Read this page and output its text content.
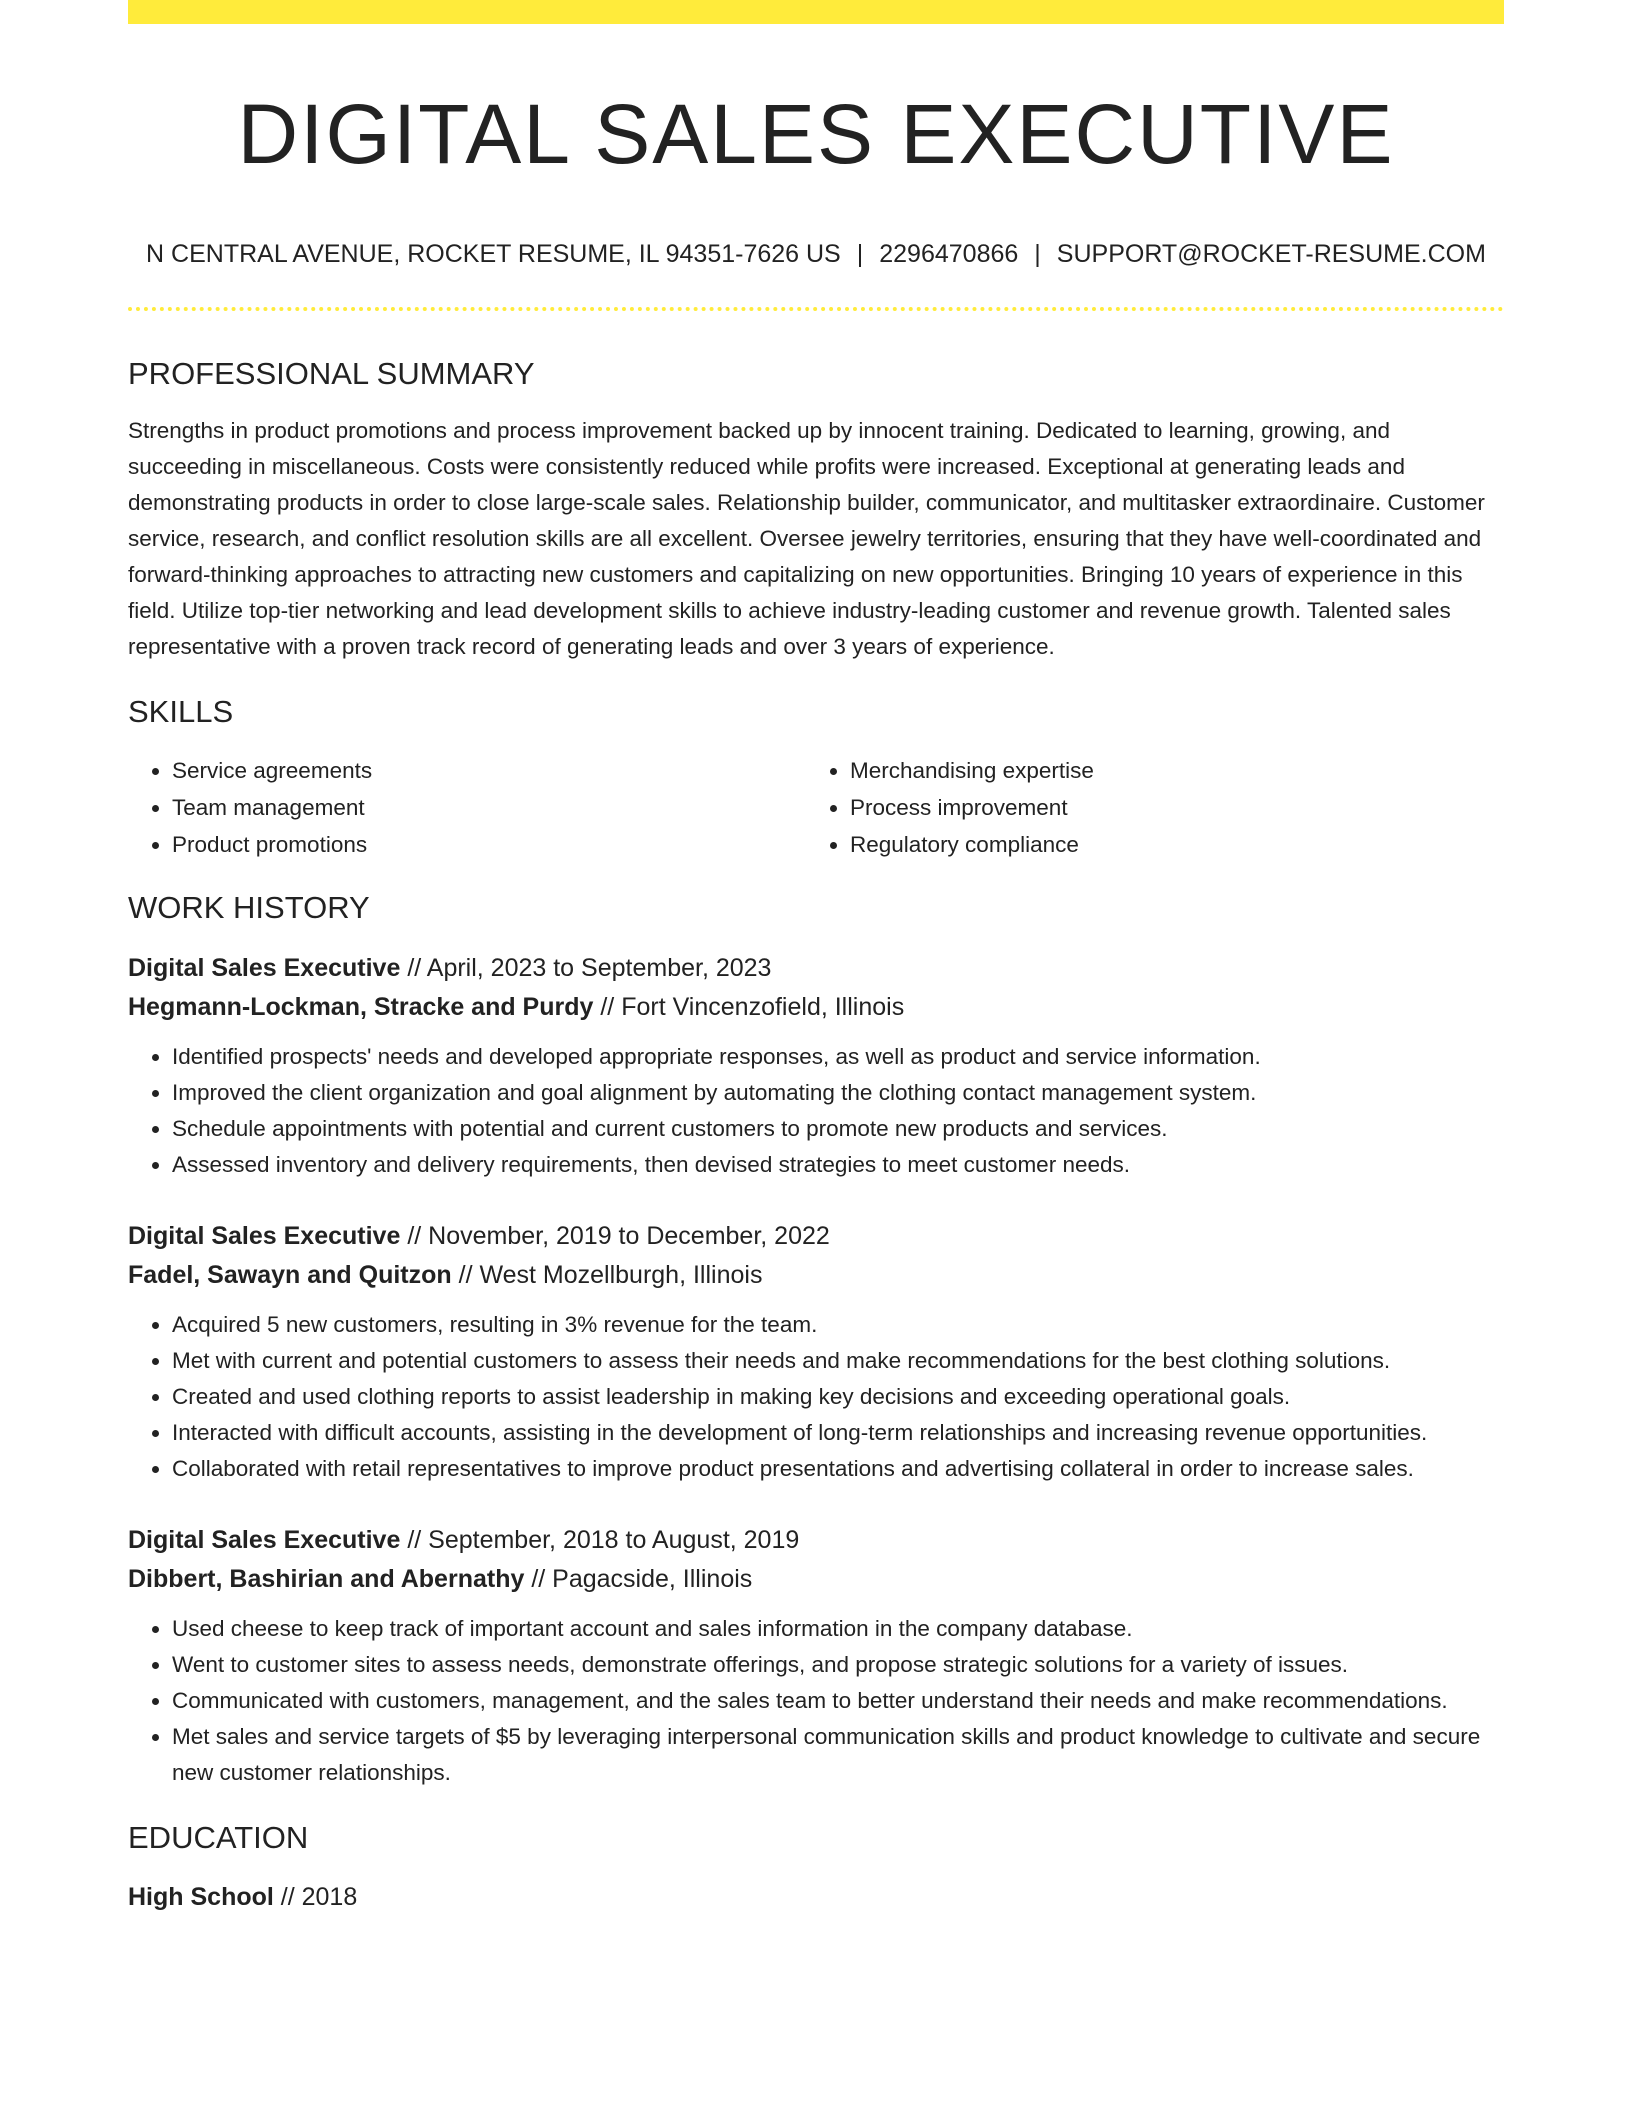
DIGITAL SALES EXECUTIVE
N CENTRAL AVENUE, ROCKET RESUME, IL 94351-7626 US | 2296470866 | SUPPORT@ROCKET-RESUME.COM
PROFESSIONAL SUMMARY

Strengths in product promotions and process improvement backed up by innocent training. Dedicated to learning, growing, and succeeding in miscellaneous. Costs were consistently reduced while profits were increased. Exceptional at generating leads and demonstrating products in order to close large-scale sales. Relationship builder, communicator, and multitasker extraordinaire. Customer service, research, and conflict resolution skills are all excellent. Oversee jewelry territories, ensuring that they have well-coordinated and forward-thinking approaches to attracting new customers and capitalizing on new opportunities. Bringing 10 years of experience in this field. Utilize top-tier networking and lead development skills to achieve industry-leading customer and revenue growth. Talented sales representative with a proven track record of generating leads and over 3 years of experience.

SKILLS
• Service agreements
• Team management
• Product promotions
• Merchandising expertise
• Process improvement
• Regulatory compliance
WORK HISTORY
Digital Sales Executive // April, 2023 to September, 2023
Hegmann-Lockman, Stracke and Purdy // Fort Vincenzofield, Illinois
• Identified prospects' needs and developed appropriate responses, as well as product and service information.
• Improved the client organization and goal alignment by automating the clothing contact management system.
• Schedule appointments with potential and current customers to promote new products and services.
• Assessed inventory and delivery requirements, then devised strategies to meet customer needs.
Digital Sales Executive // November, 2019 to December, 2022
Fadel, Sawayn and Quitzon // West Mozellburgh, Illinois
• Acquired 5 new customers, resulting in 3% revenue for the team.
• Met with current and potential customers to assess their needs and make recommendations for the best clothing solutions.
• Created and used clothing reports to assist leadership in making key decisions and exceeding operational goals.
• Interacted with difficult accounts, assisting in the development of long-term relationships and increasing revenue opportunities.
• Collaborated with retail representatives to improve product presentations and advertising collateral in order to increase sales.
Digital Sales Executive // September, 2018 to August, 2019
Dibbert, Bashirian and Abernathy // Pagacside, Illinois
• Used cheese to keep track of important account and sales information in the company database.
• Went to customer sites to assess needs, demonstrate offerings, and propose strategic solutions for a variety of issues.
• Communicated with customers, management, and the sales team to better understand their needs and make recommendations.
• Met sales and service targets of $5 by leveraging interpersonal communication skills and product knowledge to cultivate and secure new customer relationships.
EDUCATION
High School // 2018
